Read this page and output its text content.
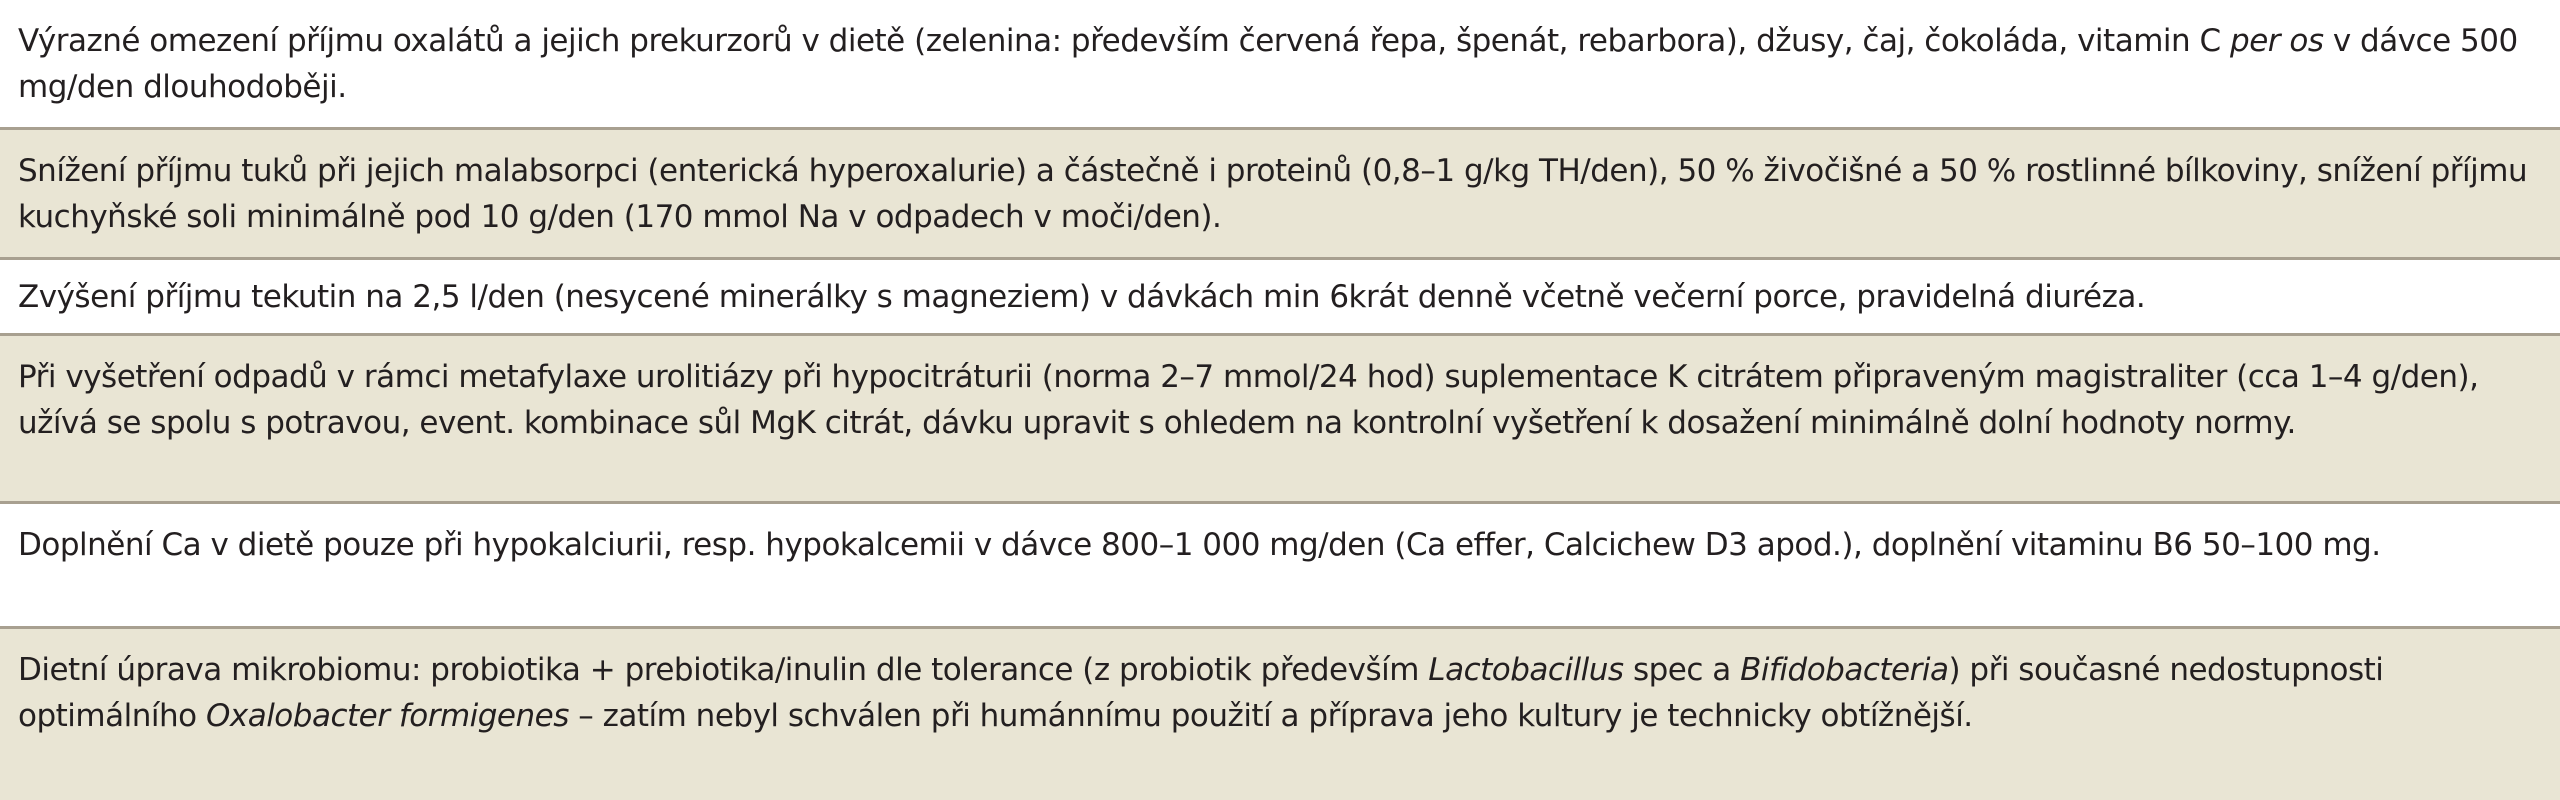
Výrazné omezení příjmu oxalátů a jejich prekurzorů v dietě (zelenina: především červená řepa, špenát, rebarbora), džusy, čaj, čokoláda, vitamin C per os v dávce 500 mg/den dlouhodoběji.
Snížení příjmu tuků při jejich malabsorpci (enterická hyperoxalurie) a částečně i proteinů (0,8–1 g/kg TH/den), 50 % živočišné a 50 % rostlinné bílkoviny, snížení příjmu kuchyňské soli minimálně pod 10 g/den (170 mmol Na v odpadech v moči/den).
Zvýšení příjmu tekutin na 2,5 l/den (nesycené minerálky s magneziem) v dávkách min 6krát denně včetně večerní porce, pravidelná diuréza.
Při vyšetření odpadů v rámci metafylaxe urolitiázy při hypocitráturii (norma 2–7 mmol/24 hod) suplementace K citrátem připraveným magistraliter (cca 1–4 g/den), užívá se spolu s potravou, event. kombinace sůl MgK citrát, dávku upravit s ohledem na kontrolní vyšetření k dosažení minimálně dolní hodnoty normy.
Doplnění Ca v dietě pouze při hypokalciurii, resp. hypokalcemii v dávce 800–1 000 mg/den (Ca effer, Calcichew D3 apod.), doplnění vitaminu B6 50–100 mg.
Dietní úprava mikrobiomu: probiotika + prebiotika/inulin dle tolerance (z probiotik především Lactobacillus spec a Bifidobacteria) při současné nedostupnosti optimálního Oxalobacter formigenes – zatím nebyl schválen při humánnímu použití a příprava jeho kultury je technicky obtížnější.
